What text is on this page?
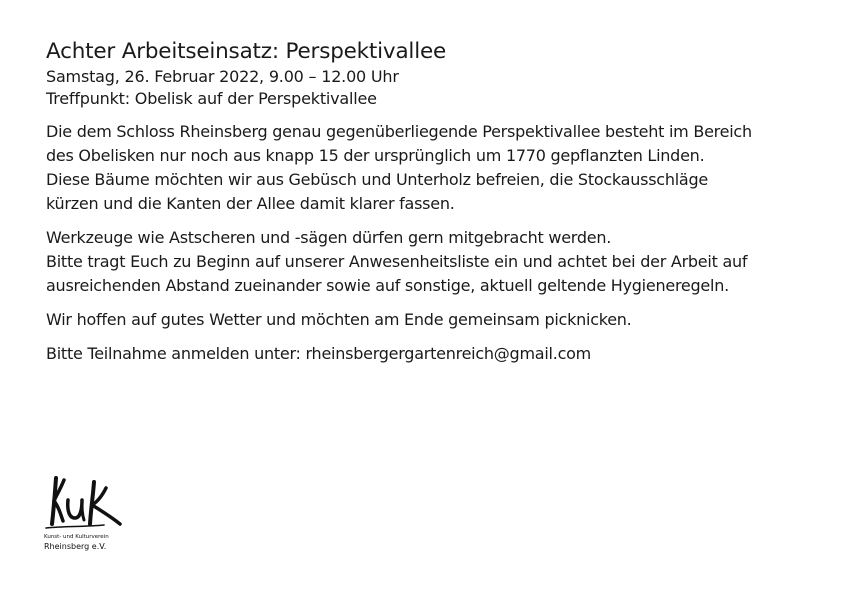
Achter Arbeitseinsatz: Perspektivallee

Samstag, 26. Februar 2022, 9.00 – 12.00 Uhr

Treffpunkt: Obelisk auf der Perspektivallee

Die dem Schloss Rheinsberg genau gegenüberliegende Perspektivallee besteht im Bereich
des Obelisken nur noch aus knapp 15 der ursprünglich um 1770 gepflanzten Linden.
Diese Bäume möchten wir aus Gebüsch und Unterholz befreien, die Stockausschläge
kürzen und die Kanten der Allee damit klarer fassen.

Werkzeuge wie Astscheren und -sägen dürfen gern mitgebracht werden.
Bitte tragt Euch zu Beginn auf unserer Anwesenheitsliste ein und achtet bei der Arbeit auf
ausreichenden Abstand zueinander sowie auf sonstige, aktuell geltende Hygieneregeln.

Wir hoffen auf gutes Wetter und möchten am Ende gemeinsam picknicken.

Bitte Teilnahme anmelden unter: rheinsbergergartenreich@gmail.com

Kunst- und Kulturverein
Rheinsberg e.V.
